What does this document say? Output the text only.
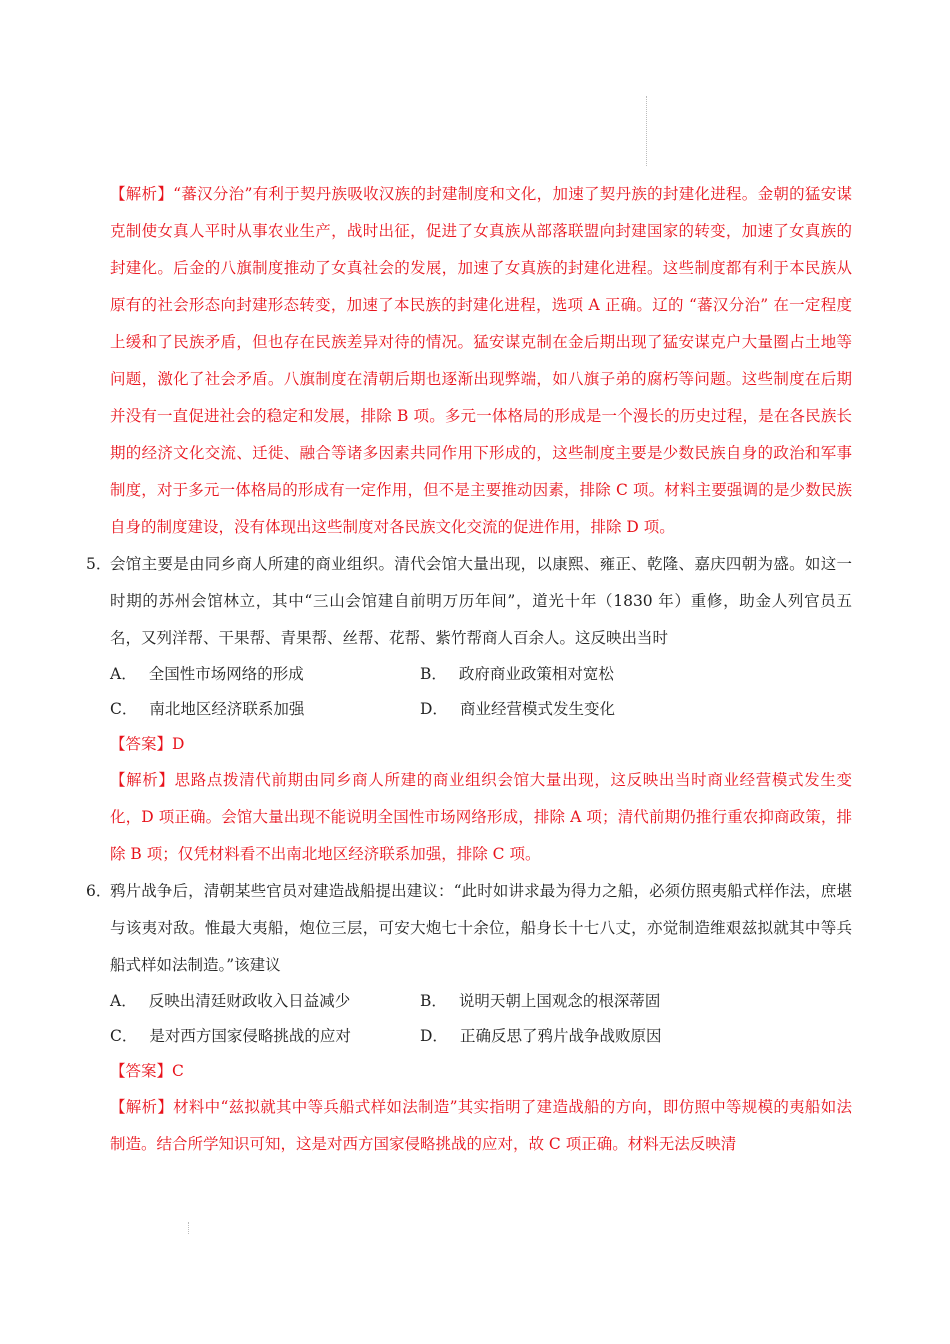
【解析】“蕃汉分治”有利于契丹族吸收汉族的封建制度和文化，加速了契丹族的封建化进程。金朝的猛安谋克制使女真人平时从事农业生产，战时出征，促进了女真族从部落联盟向封建国家的转变，加速了女真族的封建化。后金的八旗制度推动了女真社会的发展，加速了女真族的封建化进程。这些制度都有利于本民族从原有的社会形态向封建形态转变，加速了本民族的封建化进程，选项 A 正确。辽的 “蕃汉分治” 在一定程度上缓和了民族矛盾，但也存在民族差异对待的情况。猛安谋克制在金后期出现了猛安谋克户大量圈占土地等问题，激化了社会矛盾。八旗制度在清朝后期也逐渐出现弊端，如八旗子弟的腐朽等问题。这些制度在后期并没有一直促进社会的稳定和发展，排除 B 项。多元一体格局的形成是一个漫长的历史过程，是在各民族长期的经济文化交流、迁徙、融合等诸多因素共同作用下形成的，这些制度主要是少数民族自身的政治和军事制度，对于多元一体格局的形成有一定作用，但不是主要推动因素，排除 C 项。材料主要强调的是少数民族自身的制度建设，没有体现出这些制度对各民族文化交流的促进作用，排除 D 项。

5．
会馆主要是由同乡商人所建的商业组织。清代会馆大量出现，以康熙、雍正、乾隆、嘉庆四朝为盛。如这一时期的苏州会馆林立，其中“三山会馆建自前明万历年间”，道光十年（1830 年）重修，助金人列官员五名，又列洋帮、干果帮、青果帮、丝帮、花帮、紫竹帮商人百余人。这反映出当时

A． 全国性市场网络的形成	B． 政府商业政策相对宽松
C． 南北地区经济联系加强	D． 商业经营模式发生变化

【答案】D

【解析】思路点拨清代前期由同乡商人所建的商业组织会馆大量出现，这反映出当时商业经营模式发生变化，D 项正确。会馆大量出现不能说明全国性市场网络形成，排除 A 项；清代前期仍推行重农抑商政策，排除 B 项；仅凭材料看不出南北地区经济联系加强，排除 C 项。

6．
鸦片战争后，清朝某些官员对建造战船提出建议：“此时如讲求最为得力之船，必须仿照夷船式样作法，庶堪与该夷对敌。惟最大夷船，炮位三层，可安大炮七十余位，船身长十七八丈，亦觉制造维艰兹拟就其中等兵船式样如法制造。”该建议

A． 反映出清廷财政收入日益减少	B． 说明天朝上国观念的根深蒂固
C． 是对西方国家侵略挑战的应对	D． 正确反思了鸦片战争战败原因

【答案】C

【解析】材料中“兹拟就其中等兵船式样如法制造”其实指明了建造战船的方向，即仿照中等规模的夷船如法制造。结合所学知识可知，这是对西方国家侵略挑战的应对，故 C 项正确。材料无法反映清
